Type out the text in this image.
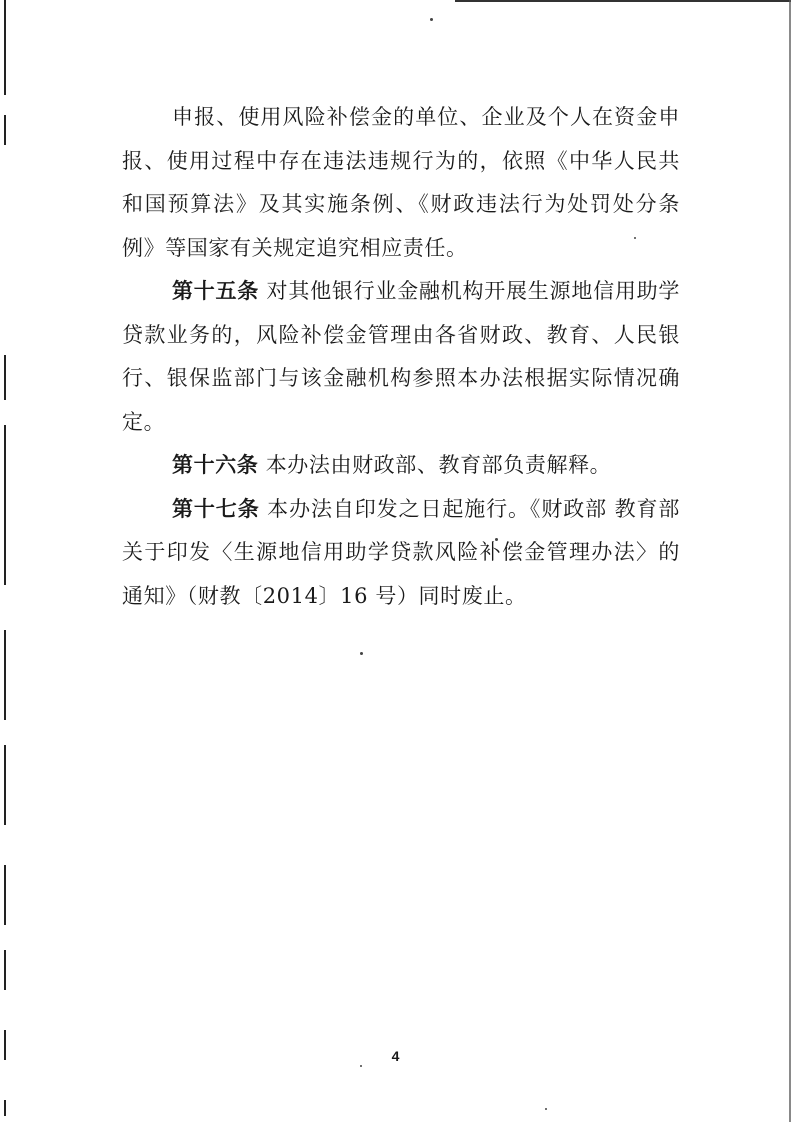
申报、使用风险补偿金的单位、企业及个人在资金申报、使用过程中存在违法违规行为的，依照《中华人民共和国预算法》及其实施条例、《财政违法行为处罚处分条例》等国家有关规定追究相应责任。

第十五条 对其他银行业金融机构开展生源地信用助学贷款业务的，风险补偿金管理由各省财政、教育、人民银行、银保监部门与该金融机构参照本办法根据实际情况确定。

第十六条 本办法由财政部、教育部负责解释。

第十七条 本办法自印发之日起施行。《财政部 教育部关于印发〈生源地信用助学贷款风险补偿金管理办法〉的通知》（财教〔2014〕16 号）同时废止。

4
